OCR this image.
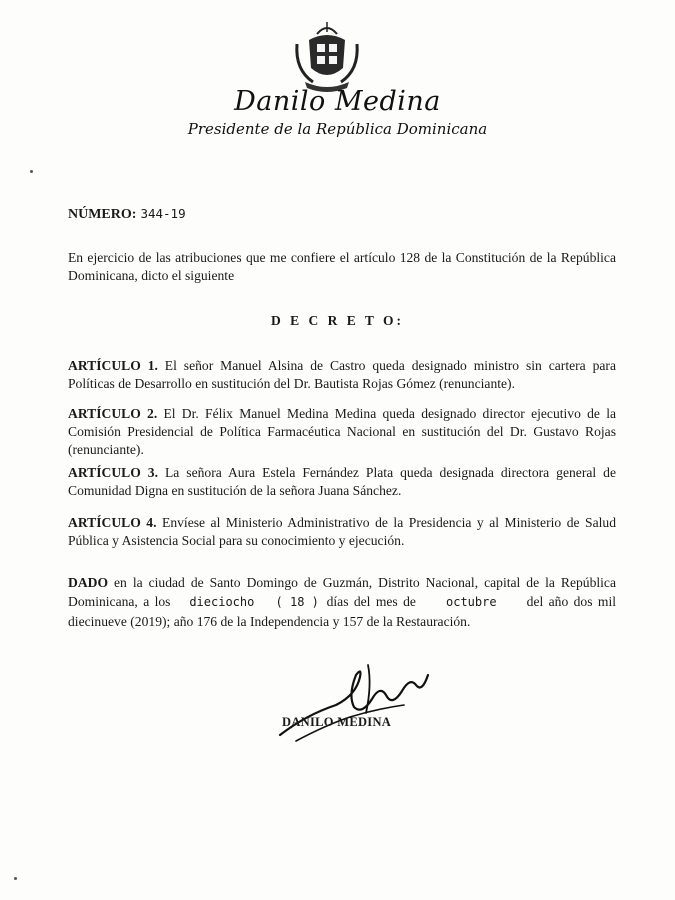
Danilo Medina
Presidente de la República Dominicana
NÚMERO: 344-19
En ejercicio de las atribuciones que me confiere el artículo 128 de la Constitución de la República Dominicana, dicto el siguiente
D E C R E T O:
ARTÍCULO 1. El señor Manuel Alsina de Castro queda designado ministro sin cartera para Políticas de Desarrollo en sustitución del Dr. Bautista Rojas Gómez (renunciante).
ARTÍCULO 2. El Dr. Félix Manuel Medina Medina queda designado director ejecutivo de la Comisión Presidencial de Política Farmacéutica Nacional en sustitución del Dr. Gustavo Rojas (renunciante).
ARTÍCULO 3. La señora Aura Estela Fernández Plata queda designada directora general de Comunidad Digna en sustitución de la señora Juana Sánchez.
ARTÍCULO 4. Envíese al Ministerio Administrativo de la Presidencia y al Ministerio de Salud Pública y Asistencia Social para su conocimiento y ejecución.
DADO en la ciudad de Santo Domingo de Guzmán, Distrito Nacional, capital de la República Dominicana, a los dieciocho ( 18 ) días del mes de	octubre del año dos mil diecinueve (2019); año 176 de la Independencia y 157 de la Restauración.
DANILO MEDINA
